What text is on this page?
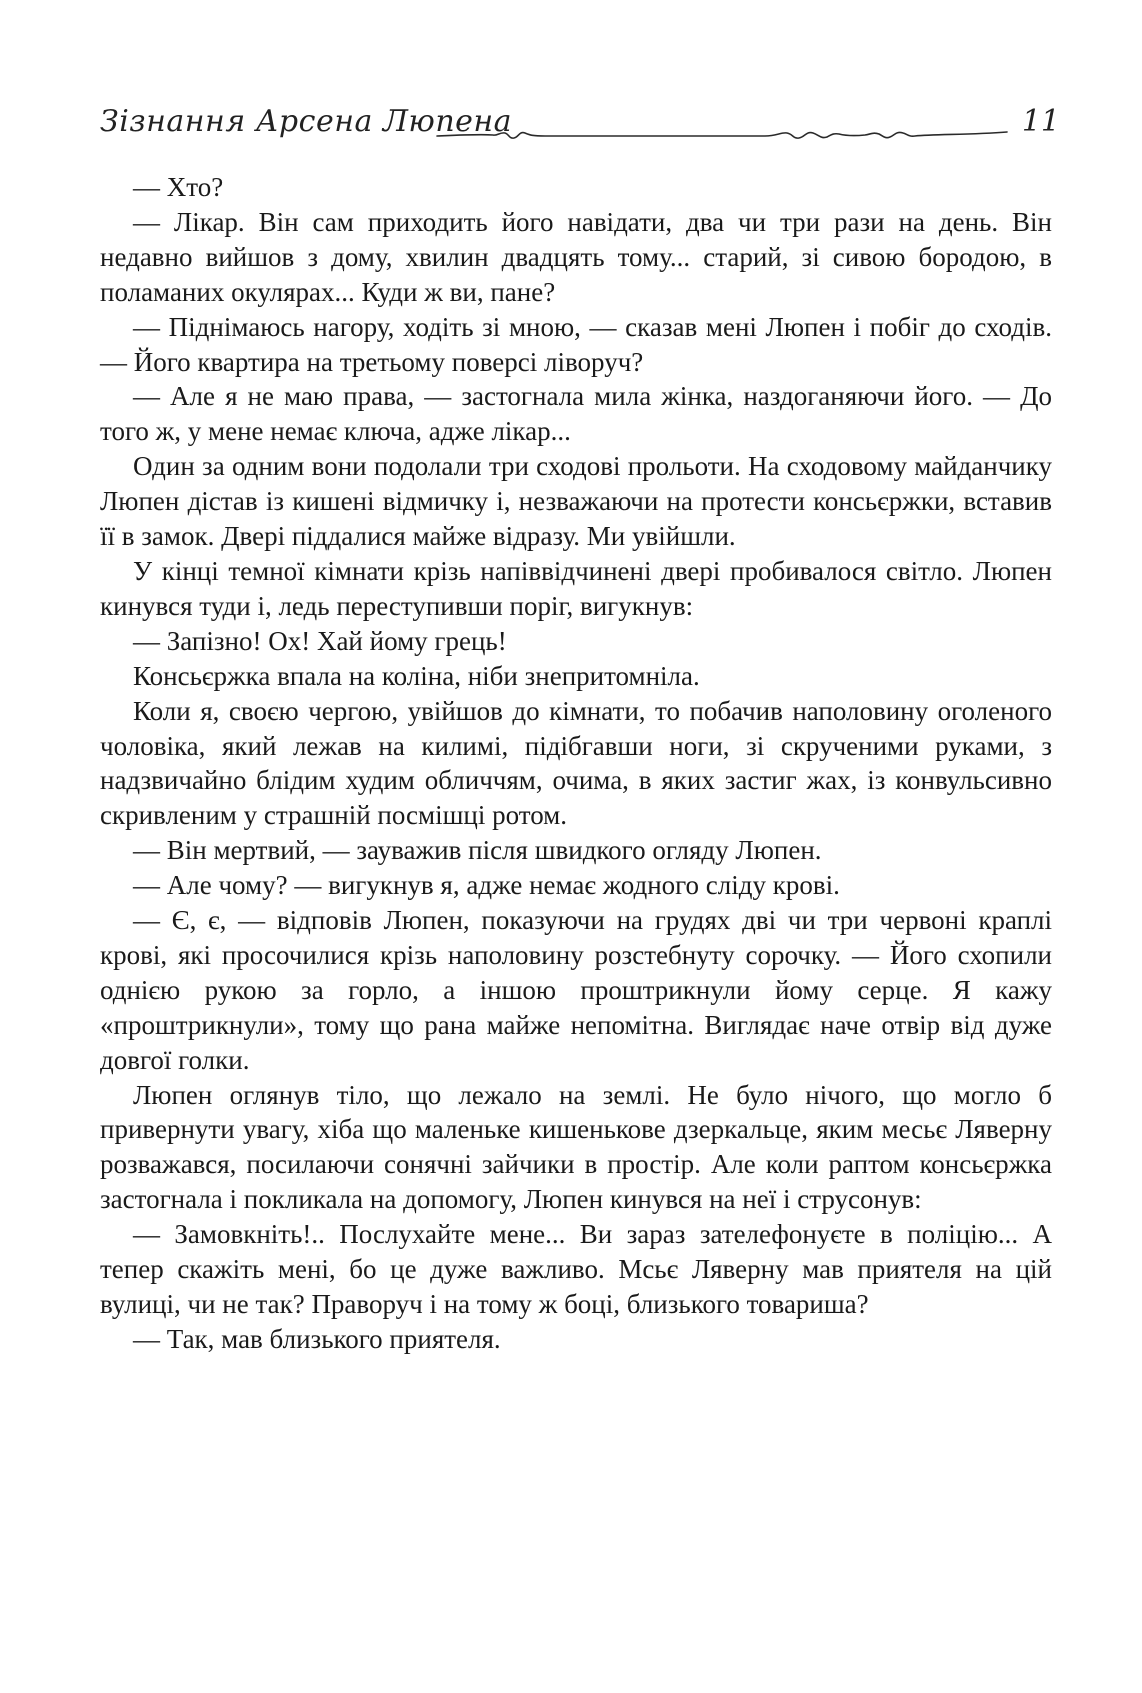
Зізнання Арсена Люпена	11

— Хто?

— Лікар. Він сам приходить його навідати, два чи три рази на день. Він недавно вийшов з дому, хвилин двадцять тому... старий, зі сивою бородою, в поламаних окулярах... Куди ж ви, пане?

— Піднімаюсь нагору, ходіть зі мною, — сказав мені Люпен і побіг до сходів. — Його квартира на третьому поверсі ліворуч?

— Але я не маю права, — застогнала мила жінка, наздоганяючи його. — До того ж, у мене немає ключа, адже лікар...

Один за одним вони подолали три сходові прольоти. На сходовому майданчику Люпен дістав із кишені відмичку і, незважаючи на протести консьєржки, вставив її в замок. Двері піддалися майже відразу. Ми увійшли.

У кінці темної кімнати крізь напіввідчинені двері пробивалося світло. Люпен кинувся туди і, ледь переступивши поріг, вигукнув:

— Запізно! Ох! Хай йому грець!

Консьєржка впала на коліна, ніби знепритомніла.

Коли я, своєю чергою, увійшов до кімнати, то побачив наполовину оголеного чоловіка, який лежав на килимі, підібгавши ноги, зі скрученими руками, з надзвичайно блідим худим обличчям, очима, в яких застиг жах, із конвульсивно скривленим у страшній посмішці ротом.

— Він мертвий, — зауважив після швидкого огляду Люпен.

— Але чому? — вигукнув я, адже немає жодного сліду крові.

— Є, є, — відповів Люпен, показуючи на грудях дві чи три червоні краплі крові, які просочилися крізь наполовину розстебнуту сорочку. — Його схопили однією рукою за горло, а іншою проштрикнули йому серце. Я кажу «проштрикнули», тому що рана майже непомітна. Виглядає наче отвір від дуже довгої голки.

Люпен оглянув тіло, що лежало на землі. Не було нічого, що могло б привернути увагу, хіба що маленьке кишенькове дзеркальце, яким месьє Ляверну розважався, посилаючи сонячні зайчики в простір. Але коли раптом консьєржка застогнала і покликала на допомогу, Люпен кинувся на неї і струсонув:

— Замовкніть!.. Послухайте мене... Ви зараз зателефонуєте в поліцію... А тепер скажіть мені, бо це дуже важливо. Мсьє Ляверну мав приятеля на цій вулиці, чи не так? Праворуч і на тому ж боці, близького товариша?

— Так, мав близького приятеля.
